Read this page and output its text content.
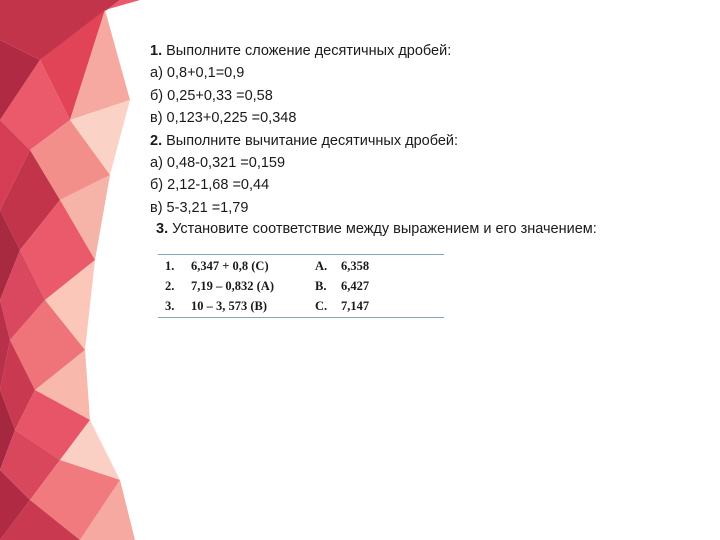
1. Выполните сложение десятичных дробей:
а) 0,8+0,1=0,9
б) 0,25+0,33 =0,58
в) 0,123+0,225 =0,348
2. Выполните вычитание десятичных дробей:
а) 0,48-0,321 =0,159
б) 2,12-1,68 =0,44
в) 5-3,21 =1,79
3. Установите соответствие между выражением и его значением:
1. 6,347 + 0,8 (С)	А. 6,358
2. 7,19 – 0,832 (А)	В. 6,427
3. 10 – 3, 573 (В)	С. 7,147
